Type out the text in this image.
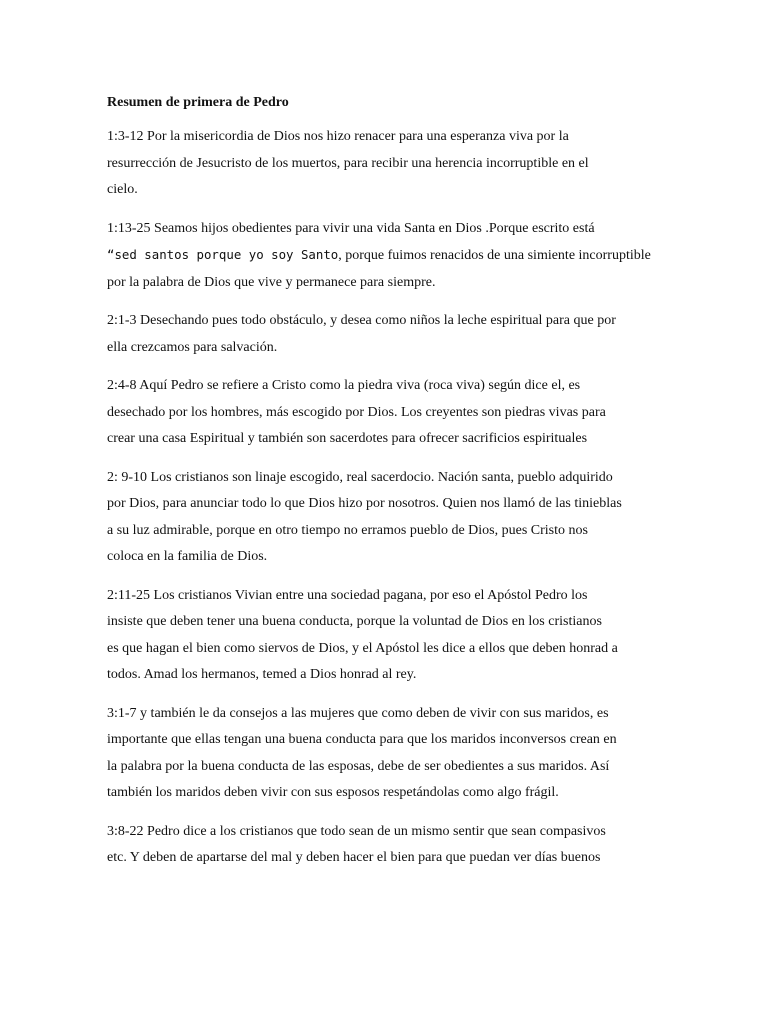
Resumen de primera de Pedro
1:3-12 Por la misericordia de Dios nos hizo renacer para una esperanza viva por la
resurrección de Jesucristo de los muertos, para recibir una herencia incorruptible en el
cielo.
1:13-25 Seamos hijos obedientes para vivir una vida Santa en Dios .Porque escrito está
“sed santos porque yo soy Santo, porque fuimos renacidos de una simiente incorruptible
por la palabra de Dios que vive y permanece para siempre.
2:1-3 Desechando pues todo obstáculo, y desea como niños la leche espiritual para que por
ella crezcamos para salvación.
2:4-8 Aquí Pedro se refiere a Cristo como la piedra viva (roca viva) según dice el, es
desechado por los hombres, más escogido por Dios. Los creyentes son piedras vivas para
crear una casa Espiritual y también son sacerdotes para ofrecer sacrificios espirituales
2: 9-10 Los cristianos son linaje escogido, real sacerdocio. Nación santa, pueblo adquirido
por Dios, para anunciar todo lo que Dios hizo por nosotros. Quien nos llamó de las tinieblas
a su luz admirable, porque en otro tiempo no erramos pueblo de Dios, pues Cristo nos
coloca en la familia de Dios.
2:11-25 Los cristianos Vivian entre una sociedad pagana, por eso el Apóstol Pedro los
insiste que deben tener una buena conducta, porque la voluntad de Dios en los cristianos
es que hagan el bien como siervos de Dios, y el Apóstol les dice a ellos que deben honrad a
todos. Amad los hermanos, temed a Dios honrad al rey.
3:1-7 y también le da consejos a las mujeres que como deben de vivir con sus maridos, es
importante que ellas tengan una buena conducta para que los maridos inconversos crean en
la palabra por la buena conducta de las esposas, debe de ser obedientes a sus maridos. Así
también los maridos deben vivir con sus esposos respetándolas como algo frágil.
3:8-22 Pedro dice a los cristianos que todo sean de un mismo sentir que sean compasivos
etc. Y deben de apartarse del mal y deben hacer el bien para que puedan ver días buenos
